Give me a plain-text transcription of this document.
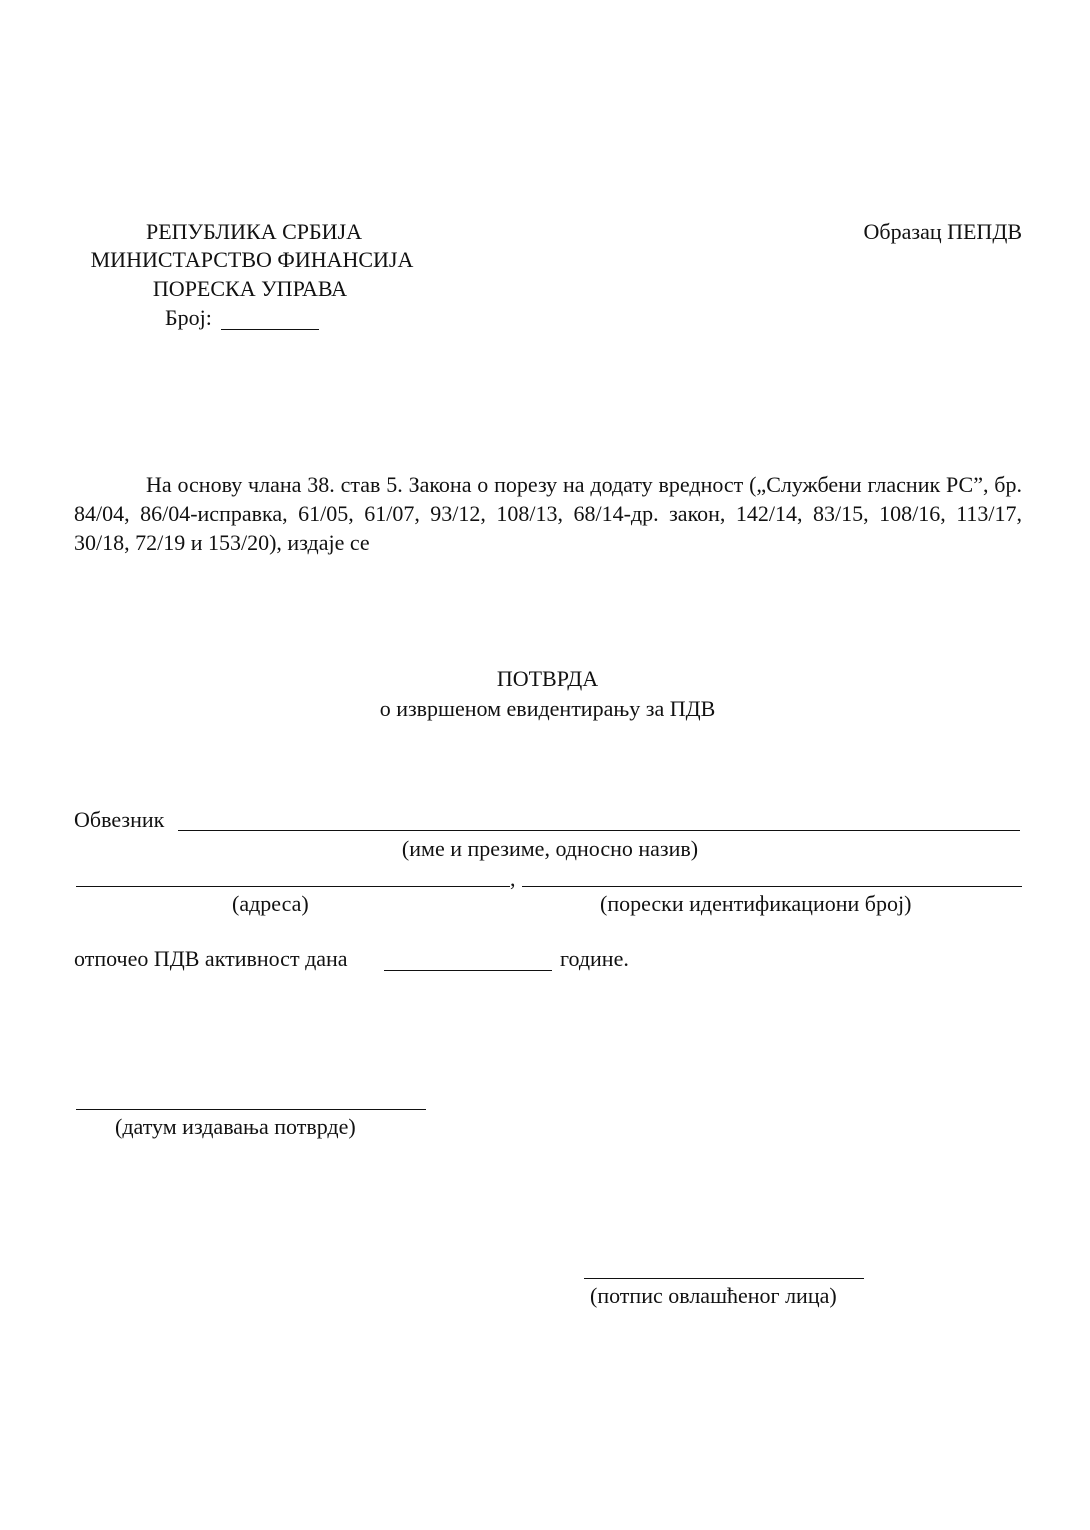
РЕПУБЛИКА СРБИЈА
МИНИСТАРСТВО ФИНАНСИЈА
ПОРЕСКА УПРАВА
Број:
Образац ПЕПДВ
На основу члана 38. став 5. Закона о порезу на додату вредност („Службени гласник РС”, бр. 84/04, 86/04-исправка, 61/05, 61/07, 93/12, 108/13, 68/14-др. закон, 142/14, 83/15, 108/16, 113/17, 30/18, 72/19 и 153/20), издаје се
ПОТВРДА
о извршеном евидентирању за ПДВ
Обвезник
(име и презиме, односно назив)
,
(адреса)	(порески идентификациони број)
отпочео ПДВ активност дана	године.
(датум издавања потврде)
(потпис овлашћеног лица)
